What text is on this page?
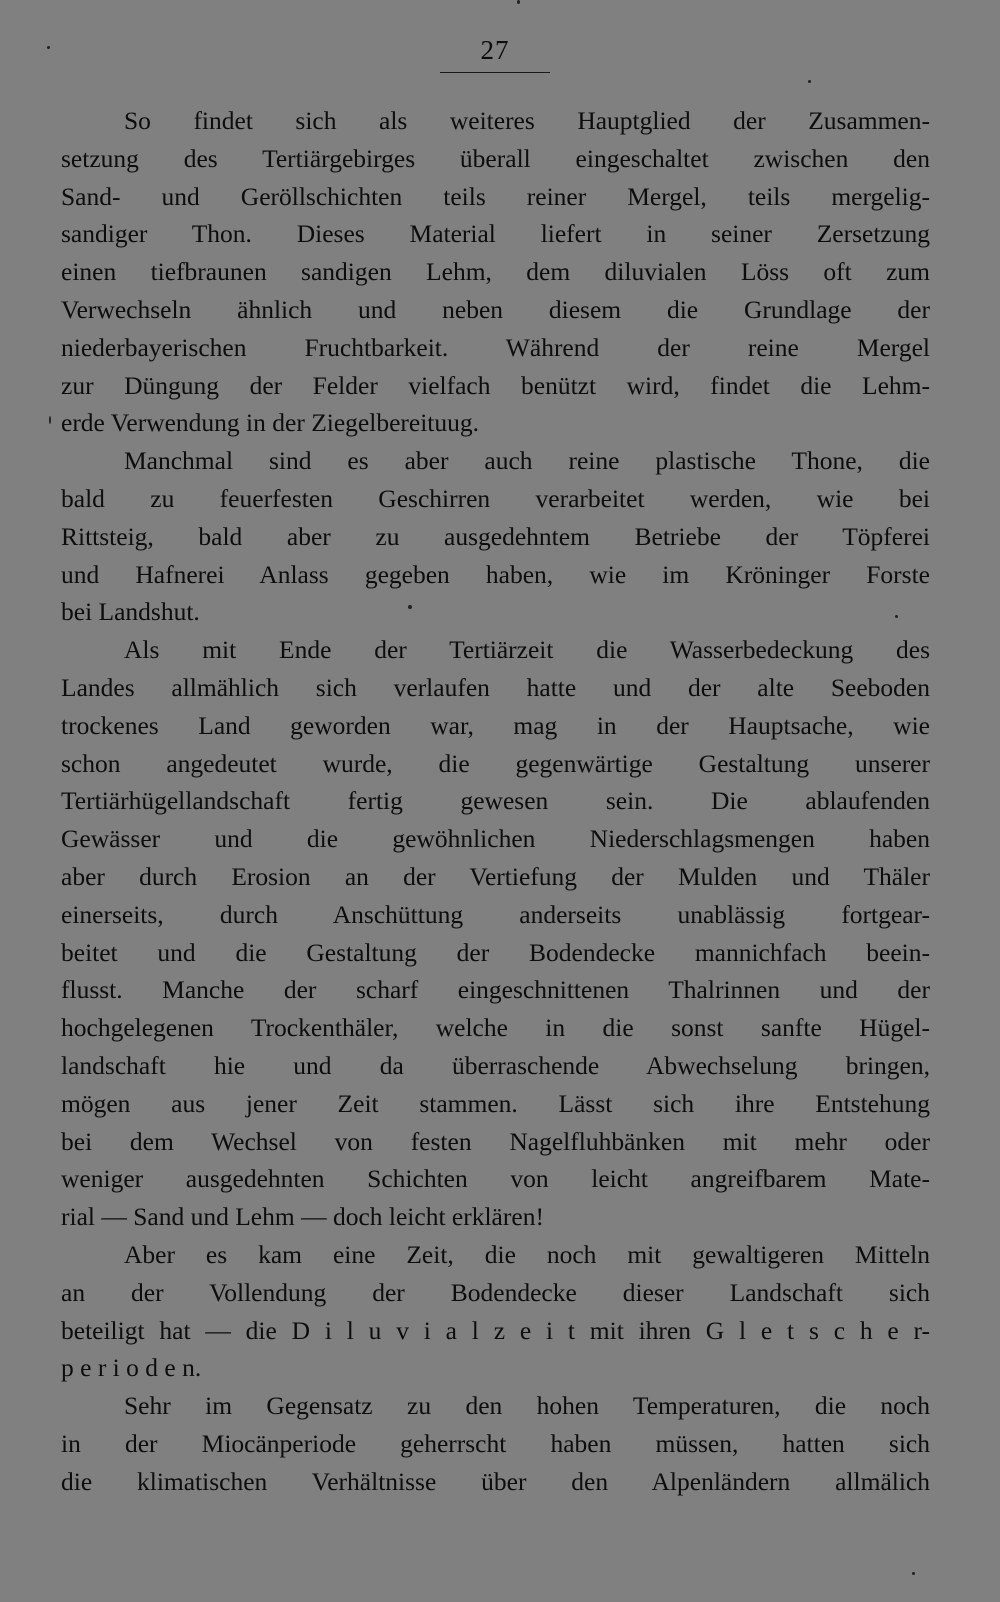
27
So findet sich als weiteres Hauptglied der Zusammen-
setzung des Tertiärgebirges überall eingeschaltet zwischen den
Sand- und Geröllschichten teils reiner Mergel, teils mergelig-
sandiger Thon. Dieses Material liefert in seiner Zersetzung
einen tiefbraunen sandigen Lehm, dem diluvialen Löss oft zum
Verwechseln ähnlich und neben diesem die Grundlage der
niederbayerischen Fruchtbarkeit. Während der reine Mergel
zur Düngung der Felder vielfach benützt wird, findet die Lehm-
erde Verwendung in der Ziegelbereituug.
Manchmal sind es aber auch reine plastische Thone, die
bald zu feuerfesten Geschirren verarbeitet werden, wie bei
Rittsteig, bald aber zu ausgedehntem Betriebe der Töpferei
und Hafnerei Anlass gegeben haben, wie im Kröninger Forste
bei Landshut.
Als mit Ende der Tertiärzeit die Wasserbedeckung des
Landes allmählich sich verlaufen hatte und der alte Seeboden
trockenes Land geworden war, mag in der Hauptsache, wie
schon angedeutet wurde, die gegenwärtige Gestaltung unserer
Tertiärhügellandschaft fertig gewesen sein. Die ablaufenden
Gewässer und die gewöhnlichen Niederschlagsmengen haben
aber durch Erosion an der Vertiefung der Mulden und Thäler
einerseits, durch Anschüttung anderseits unablässig fortgear-
beitet und die Gestaltung der Bodendecke mannichfach beein-
flusst. Manche der scharf eingeschnittenen Thalrinnen und der
hochgelegenen Trockenthäler, welche in die sonst sanfte Hügel-
landschaft hie und da überraschende Abwechselung bringen,
mögen aus jener Zeit stammen. Lässt sich ihre Entstehung
bei dem Wechsel von festen Nagelfluhbänken mit mehr oder
weniger ausgedehnten Schichten von leicht angreifbarem Mate-
rial — Sand und Lehm — doch leicht erklären!
Aber es kam eine Zeit, die noch mit gewaltigeren Mitteln
an der Vollendung der Bodendecke dieser Landschaft sich
beteiligt hat — die D i l u v i a l z e i t mit ihren G l e t s c h e r-
p e r i o d e n.
Sehr im Gegensatz zu den hohen Temperaturen, die noch
in der Miocänperiode geherrscht haben müssen, hatten sich
die klimatischen Verhältnisse über den Alpenländern allmälich
